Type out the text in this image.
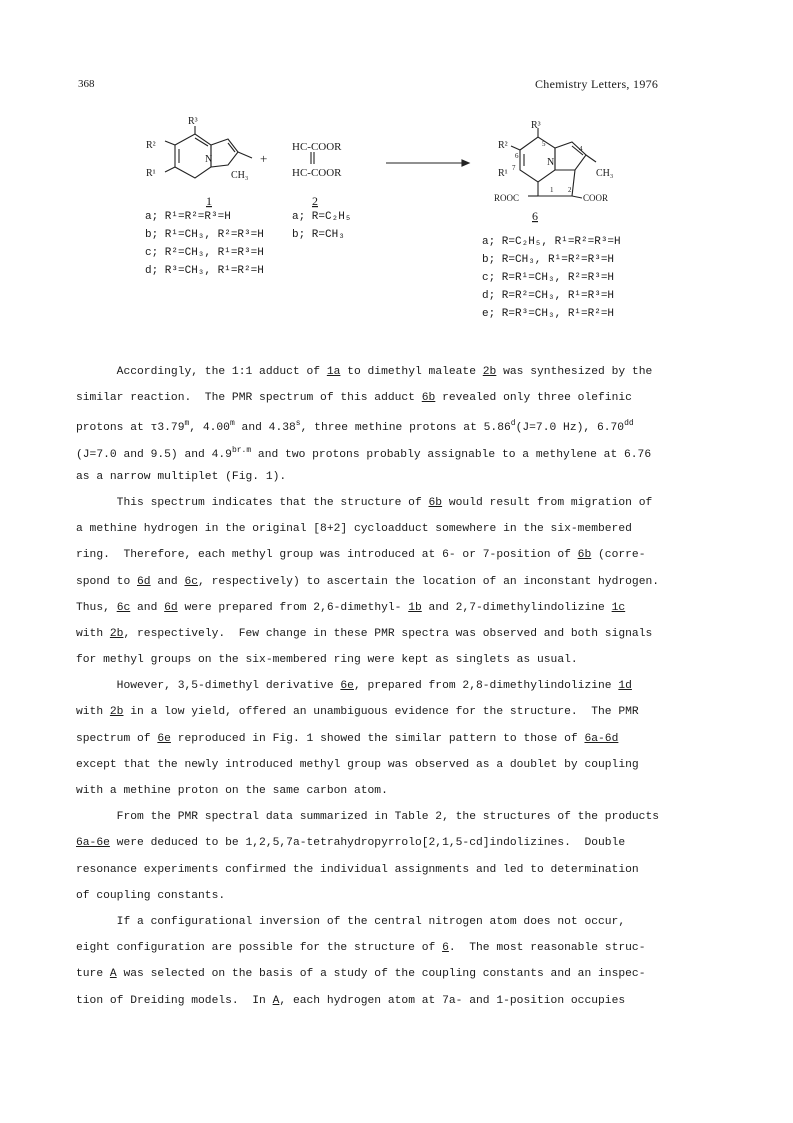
368	Chemistry Letters, 1976
R³
R²
R¹
N
CH₃
1
+
HC-COOR
HC-COOR
2
R³
R²
R¹
N
CH₃
ROOC	COOR
4
5
6
7
1 2
6
a; R¹=R²=R³=H
b; R¹=CH₃, R²=R³=H
c; R²=CH₃, R¹=R³=H
d; R³=CH₃, R¹=R²=H
a; R=C₂H₅
b; R=CH₃
a; R=C₂H₅, R¹=R²=R³=H
b; R=CH₃, R¹=R²=R³=H
c; R=R¹=CH₃, R²=R³=H
d; R=R²=CH₃, R¹=R³=H
e; R=R³=CH₃, R¹=R²=H
Accordingly, the 1:1 adduct of 1a to dimethyl maleate 2b was synthesized by the
similar reaction.  The PMR spectrum of this adduct 6b revealed only three olefinic
protons at τ3.79$^m$, 4.00$^m$ and 4.38$^s$, three methine protons at 5.86$^d$(J=7.0 Hz), 6.70$^{dd}$
(J=7.0 and 9.5) and $4.9^{br.m}$ and two protons probably assignable to a methylene at 6.76
as a narrow multiplet (Fig. 1).
This spectrum indicates that the structure of 6b would result from migration of
a methine hydrogen in the original [8+2] cycloadduct somewhere in the six-membered
ring.  Therefore, each methyl group was introduced at 6- or 7-position of 6b (corre-
spond to 6d and 6c, respectively) to ascertain the location of an inconstant hydrogen.
Thus, 6c and 6d were prepared from 2,6-dimethyl- 1b and 2,7-dimethylindolizine 1c
with 2b, respectively.  Few change in these PMR spectra was observed and both signals
for methyl groups on the six-membered ring were kept as singlets as usual.
However, 3,5-dimethyl derivative 6e, prepared from 2,8-dimethylindolizine 1d
with 2b in a low yield, offered an unambiguous evidence for the structure.  The PMR
spectrum of 6e reproduced in Fig. 1 showed the similar pattern to those of 6a-6d
except that the newly introduced methyl group was observed as a doublet by coupling
with a methine proton on the same carbon atom.
From the PMR spectral data summarized in Table 2, the structures of the products
6a-6e were deduced to be 1,2,5,7a-tetrahydropyrrolo[2,1,5-cd]indolizines.  Double
resonance experiments confirmed the individual assignments and led to determination
of coupling constants.
If a configurational inversion of the central nitrogen atom does not occur,
eight configuration are possible for the structure of 6.  The most reasonable struc-
ture A was selected on the basis of a study of the coupling constants and an inspec-
tion of Dreiding models.  In A, each hydrogen atom at 7a- and 1-position occupies
